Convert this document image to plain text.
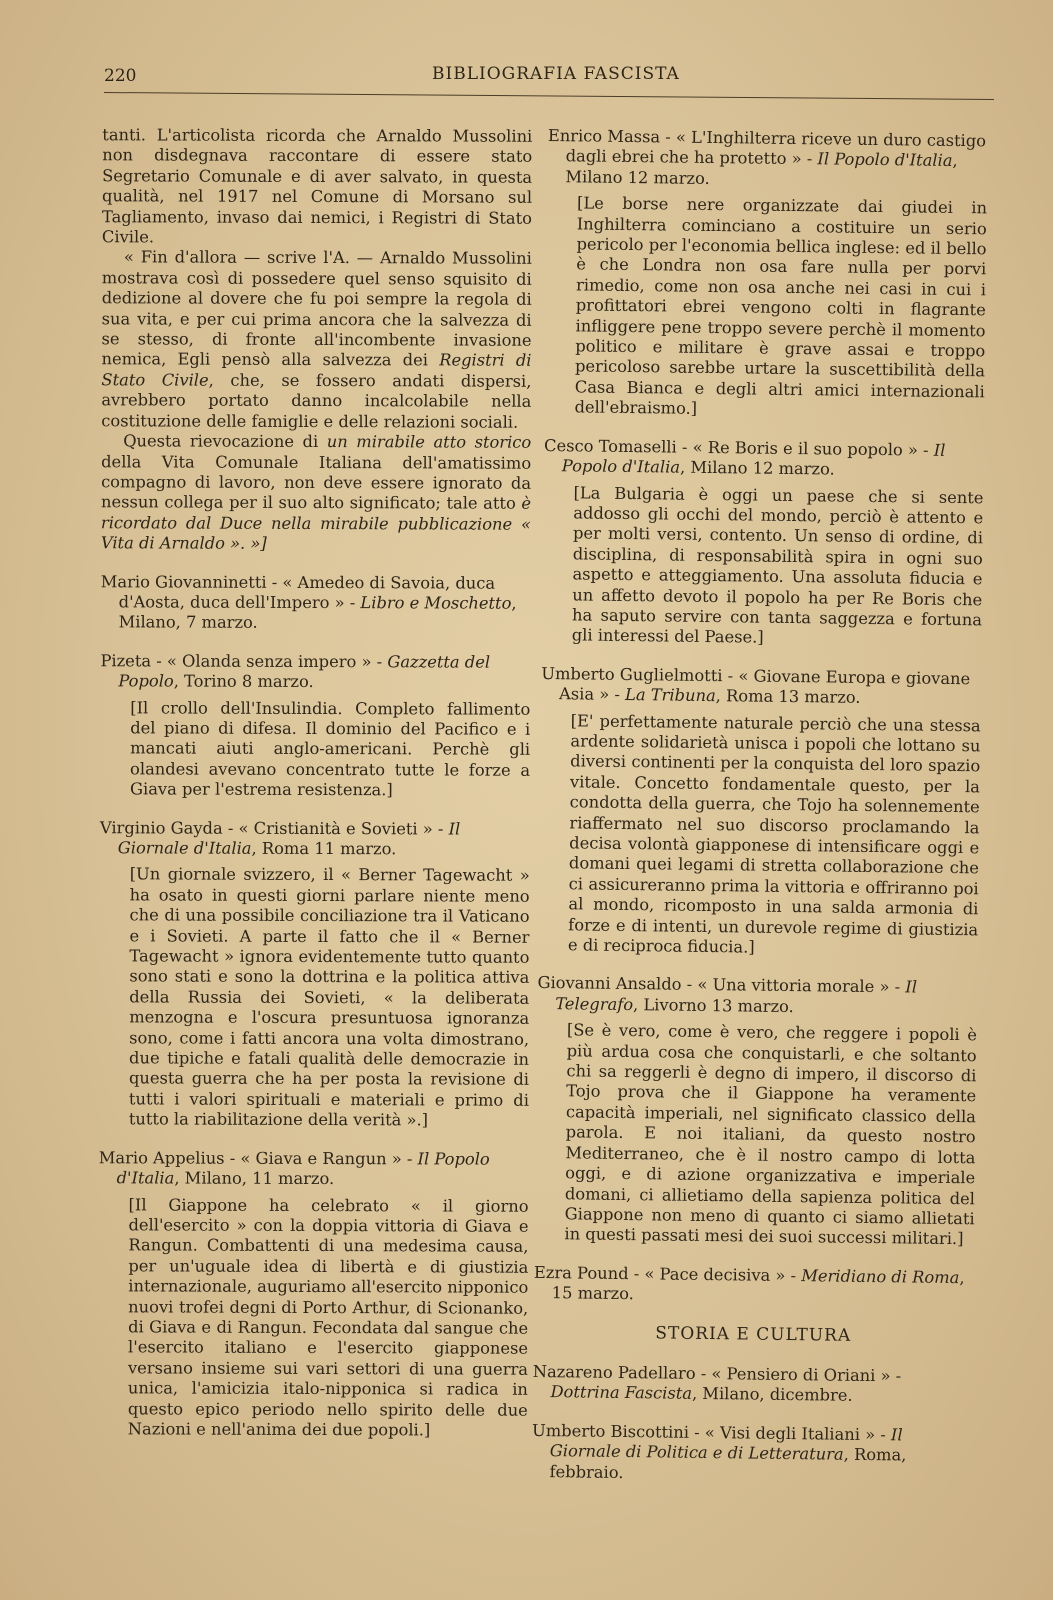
220	BIBLIOGRAFIA FASCISTA

tanti. L'articolista ricorda che Arnaldo Mussolini non disdegnava raccontare di essere stato Segretario Comunale e di aver salvato, in questa qualità, nel 1917 nel Comune di Morsano sul Tagliamento, invaso dai nemici, i Registri di Stato Civile.

« Fin d'allora — scrive l'A. — Arnaldo Mussolini mostrava così di possedere quel senso squisito di dedizione al dovere che fu poi sempre la regola di sua vita, e per cui prima ancora che la salvezza di se stesso, di fronte all'incombente invasione nemica, Egli pensò alla salvezza dei Registri di Stato Civile, che, se fossero andati dispersi, avrebbero portato danno incalcolabile nella costituzione delle famiglie e delle relazioni sociali.

Questa rievocazione di un mirabile atto storico della Vita Comunale Italiana dell'amatissimo compagno di lavoro, non deve essere ignorato da nessun collega per il suo alto significato; tale atto è ricordato dal Duce nella mirabile pubblicazione « Vita di Arnaldo ». »]

Mario Giovanninetti - « Amedeo di Savoia, duca d'Aosta, duca dell'Impero » - Libro e Moschetto, Milano, 7 marzo.
Pizeta - « Olanda senza impero » - Gazzetta del Popolo, Torino 8 marzo.

[Il crollo dell'Insulindia. Completo fallimento del piano di difesa. Il dominio del Pacifico e i mancati aiuti anglo-americani. Perchè gli olandesi avevano concentrato tutte le forze a Giava per l'estrema resistenza.]

Virginio Gayda - « Cristianità e Sovieti » - Il Giornale d'Italia, Roma 11 marzo.

[Un giornale svizzero, il « Berner Tagewacht » ha osato in questi giorni parlare niente meno che di una possibile conciliazione tra il Vaticano e i Sovieti. A parte il fatto che il « Berner Tagewacht » ignora evidentemente tutto quanto sono stati e sono la dottrina e la politica attiva della Russia dei Sovieti, « la deliberata menzogna e l'oscura presuntuosa ignoranza sono, come i fatti ancora una volta dimostrano, due tipiche e fatali qualità delle democrazie in questa guerra che ha per posta la revisione di tutti i valori spirituali e materiali e primo di tutto la riabilitazione della verità ».]

Mario Appelius - « Giava e Rangun » - Il Popolo d'Italia, Milano, 11 marzo.

[Il Giappone ha celebrato « il giorno dell'esercito » con la doppia vittoria di Giava e Rangun. Combattenti di una medesima causa, per un'uguale idea di libertà e di giustizia internazionale, auguriamo all'esercito nipponico nuovi trofei degni di Porto Arthur, di Scionanko, di Giava e di Rangun. Fecondata dal sangue che l'esercito italiano e l'esercito giapponese versano insieme sui vari settori di una guerra unica, l'amicizia italo-nipponica si radica in questo epico periodo nello spirito delle due Nazioni e nell'anima dei due popoli.]

Enrico Massa - « L'Inghilterra riceve un duro castigo dagli ebrei che ha protetto » - Il Popolo d'Italia, Milano 12 marzo.

[Le borse nere organizzate dai giudei in Inghilterra cominciano a costituire un serio pericolo per l'economia bellica inglese: ed il bello è che Londra non osa fare nulla per porvi rimedio, come non osa anche nei casi in cui i profittatori ebrei vengono colti in flagrante infliggere pene troppo severe perchè il momento politico e militare è grave assai e troppo pericoloso sarebbe urtare la suscettibilità della Casa Bianca e degli altri amici internazionali dell'ebraismo.]

Cesco Tomaselli - « Re Boris e il suo popolo » - Il Popolo d'Italia, Milano 12 marzo.

[La Bulgaria è oggi un paese che si sente addosso gli occhi del mondo, perciò è attento e per molti versi, contento. Un senso di ordine, di disciplina, di responsabilità spira in ogni suo aspetto e atteggiamento. Una assoluta fiducia e un affetto devoto il popolo ha per Re Boris che ha saputo servire con tanta saggezza e fortuna gli interessi del Paese.]

Umberto Guglielmotti - « Giovane Europa e giovane Asia » - La Tribuna, Roma 13 marzo.

[E' perfettamente naturale perciò che una stessa ardente solidarietà unisca i popoli che lottano su diversi continenti per la conquista del loro spazio vitale. Concetto fondamentale questo, per la condotta della guerra, che Tojo ha solennemente riaffermato nel suo discorso proclamando la decisa volontà giapponese di intensificare oggi e domani quei legami di stretta collaborazione che ci assicureranno prima la vittoria e offriranno poi al mondo, ricomposto in una salda armonia di forze e di intenti, un durevole regime di giustizia e di reciproca fiducia.]

Giovanni Ansaldo - « Una vittoria morale » - Il Telegrafo, Livorno 13 marzo.

[Se è vero, come è vero, che reggere i popoli è più ardua cosa che conquistarli, e che soltanto chi sa reggerli è degno di impero, il discorso di Tojo prova che il Giappone ha veramente capacità imperiali, nel significato classico della parola. E noi italiani, da questo nostro Mediterraneo, che è il nostro campo di lotta oggi, e di azione organizzativa e imperiale domani, ci allietiamo della sapienza politica del Giappone non meno di quanto ci siamo allietati in questi passati mesi dei suoi successi militari.]

Ezra Pound - « Pace decisiva » - Meridiano di Roma, 15 marzo.
STORIA E CULTURA
Nazareno Padellaro - « Pensiero di Oriani » - Dottrina Fascista, Milano, dicembre.
Umberto Biscottini - « Visi degli Italiani » - Il Giornale di Politica e di Letteratura, Roma, febbraio.
